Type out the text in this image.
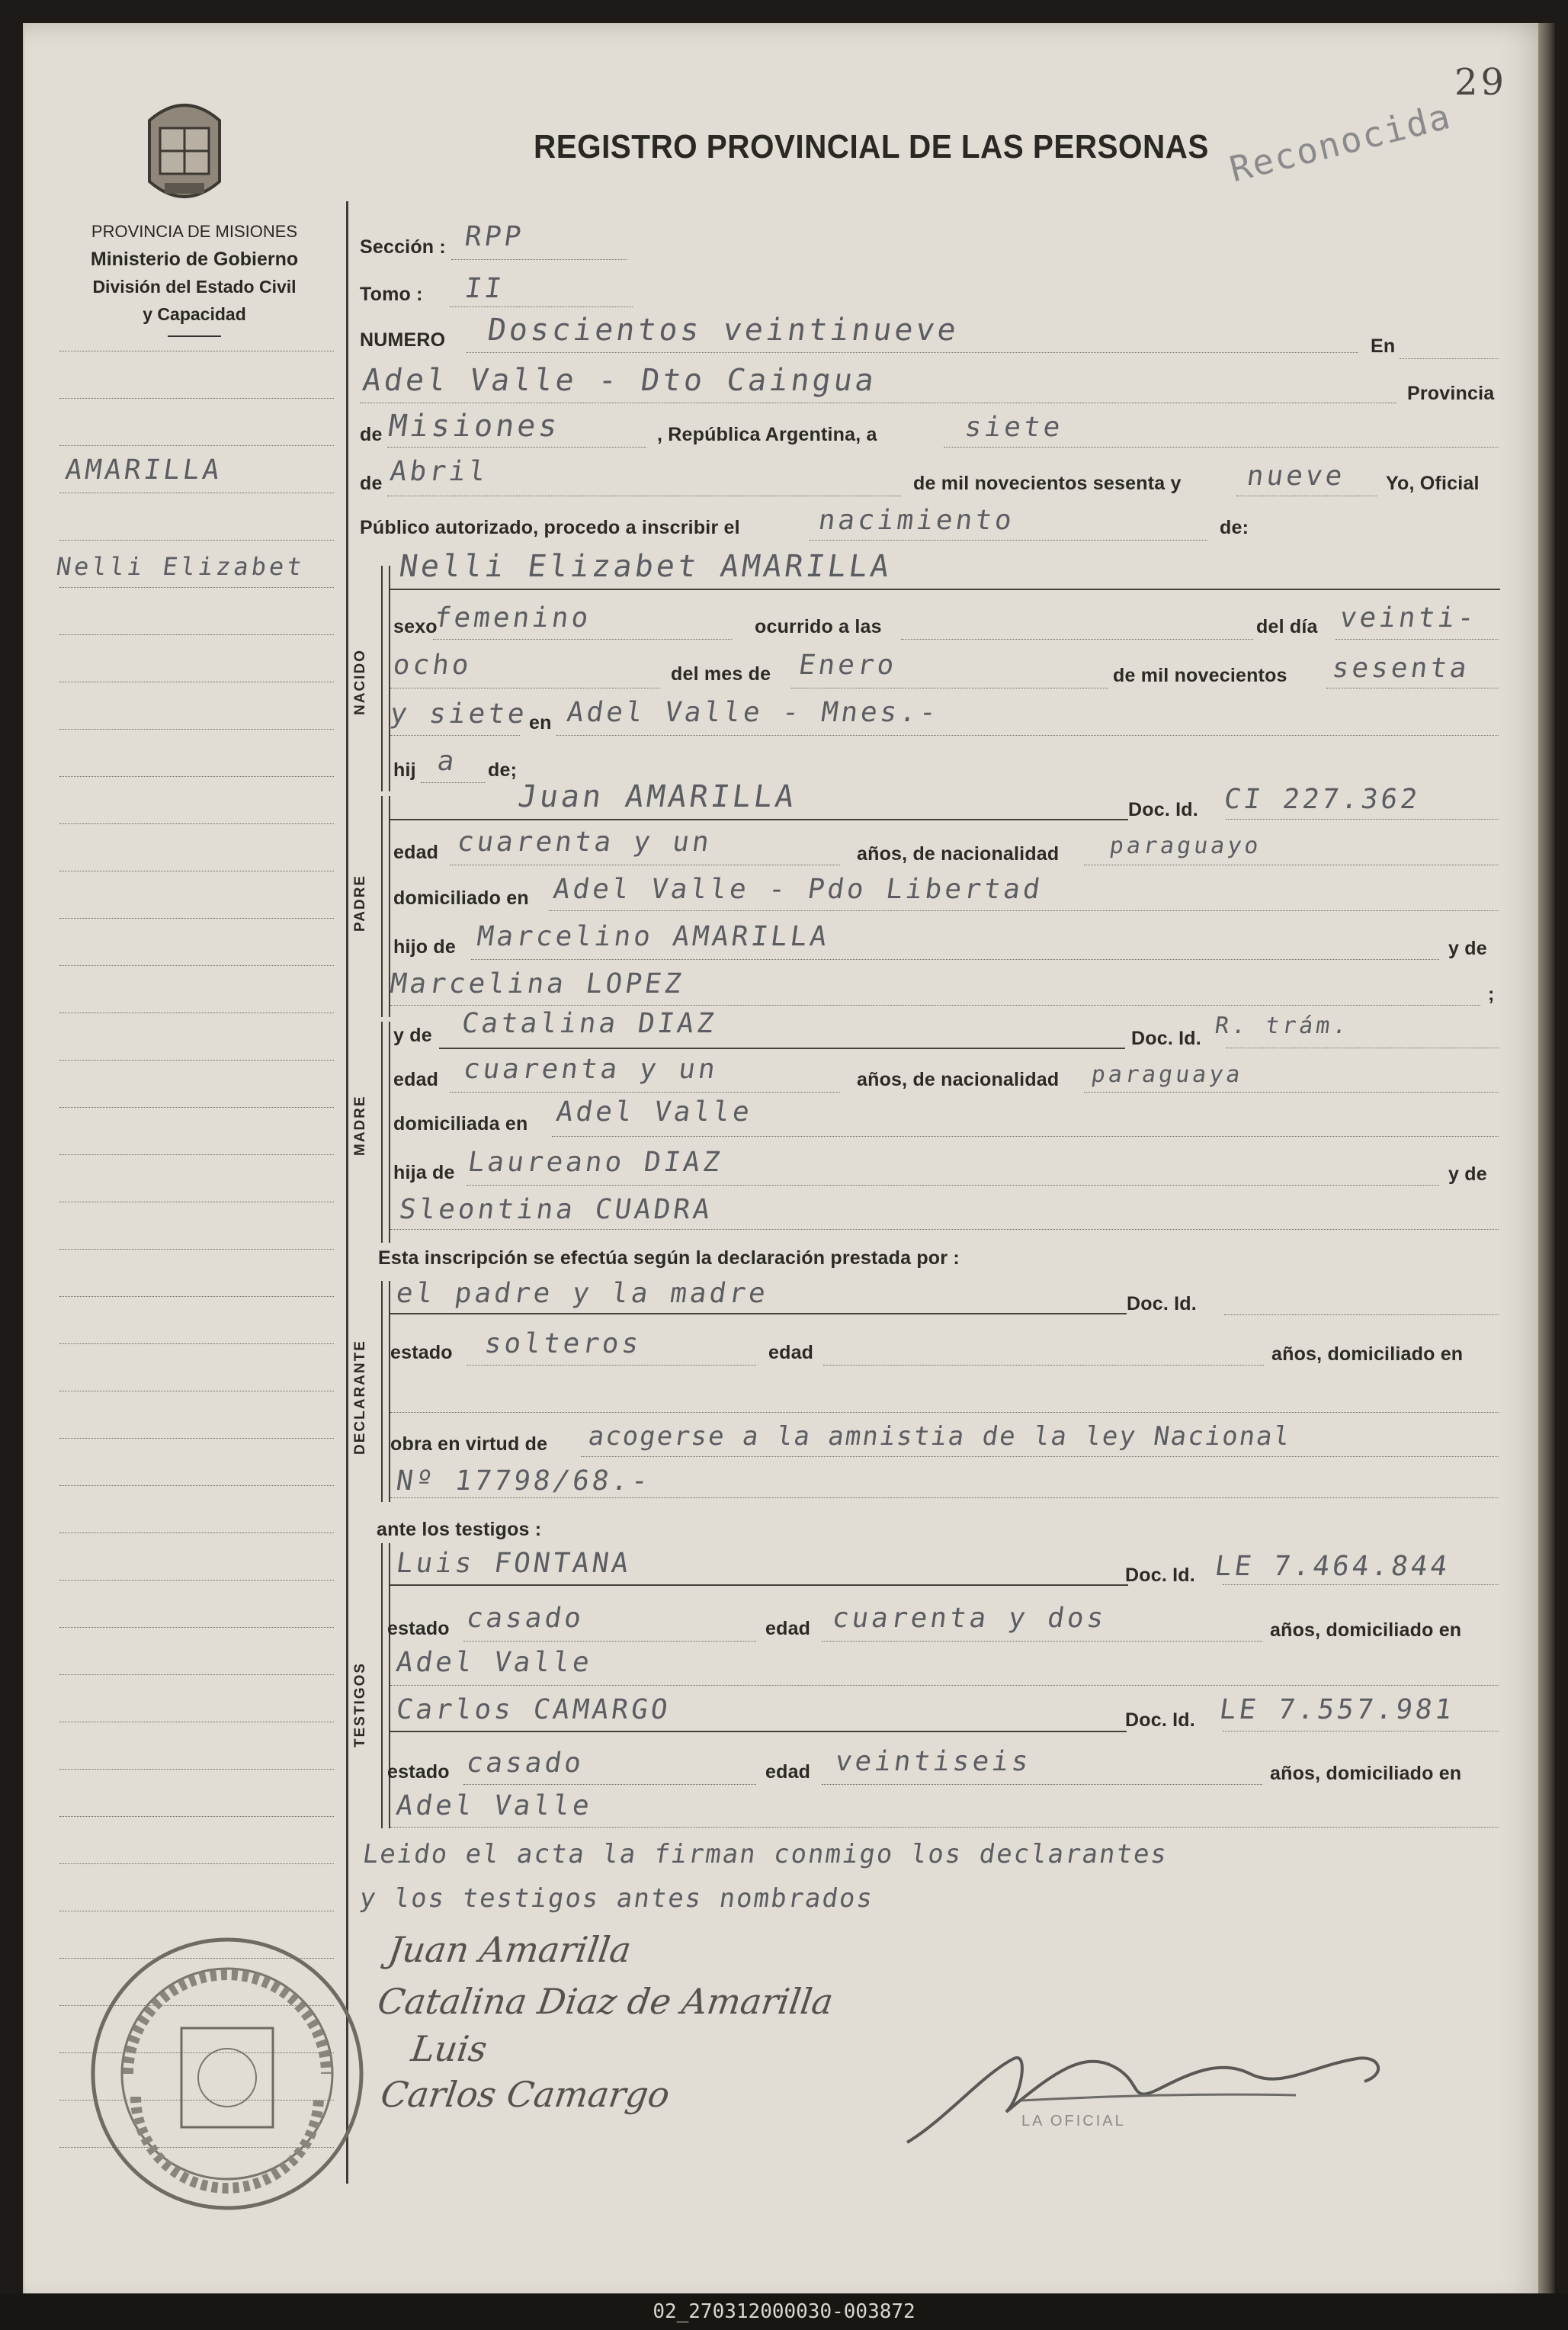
29
REGISTRO PROVINCIAL DE LAS PERSONAS
PROVINCIA DE MISIONES
Ministerio de Gobierno
División del Estado Civil
y Capacidad
AMARILLA
Nelli Elizabet
Reconocida
Sección : RPP
Tomo : II
NUMERO Doscientos veintinueve	En
Adel Valle - Dto Caingua	Provincia
de Misiones	, República Argentina, a	siete
de Abril	de mil novecientos sesenta y nueve Yo, Oficial
Público autorizado, procedo a inscribir el	nacimiento	de:
NACIDO
Nelli Elizabet AMARILLA
sexo
femenino	ocurrido a las	del día veinti-
ocho	del mes de Enero	de mil novecientos sesenta
y siete en Adel Valle - Mnes.-
hij a de;
PADRE
Juan AMARILLA	Doc. Id. CI 227.362
edad cuarenta y un	años, de nacionalidad paraguayo
domiciliado en Adel Valle - Pdo Libertad
hijo de Marcelino AMARILLA	y de
Marcelina LOPEZ	;
MADRE
y de Catalina DIAZ	Doc. Id. R. trám.
edad cuarenta y un	años, de nacionalidad paraguaya
domiciliada en Adel Valle
hija de Laureano DIAZ	y de
Sleontina CUADRA
Esta inscripción se efectúa según la declaración prestada por :
DECLARANTE
el padre y la madre	Doc. Id.
estado solteros	edad	años, domiciliado en
obra en virtud de acogerse a la amnistia de la ley Nacional
Nº 17798/68.-
ante los testigos :
TESTIGOS
Luis FONTANA	Doc. Id. LE 7.464.844
estado casado	edad cuarenta y dos	años, domiciliado en
Adel Valle
Carlos CAMARGO	Doc. Id. LE 7.557.981
estado casado	edad veintiseis	años, domiciliado en
Adel Valle
Leido el acta la firman conmigo los declarantes
y los testigos antes nombrados
Juan Amarilla
Catalina Diaz de Amarilla
Luis
Carlos Camargo
LA OFICIAL
02_270312000030-003872
